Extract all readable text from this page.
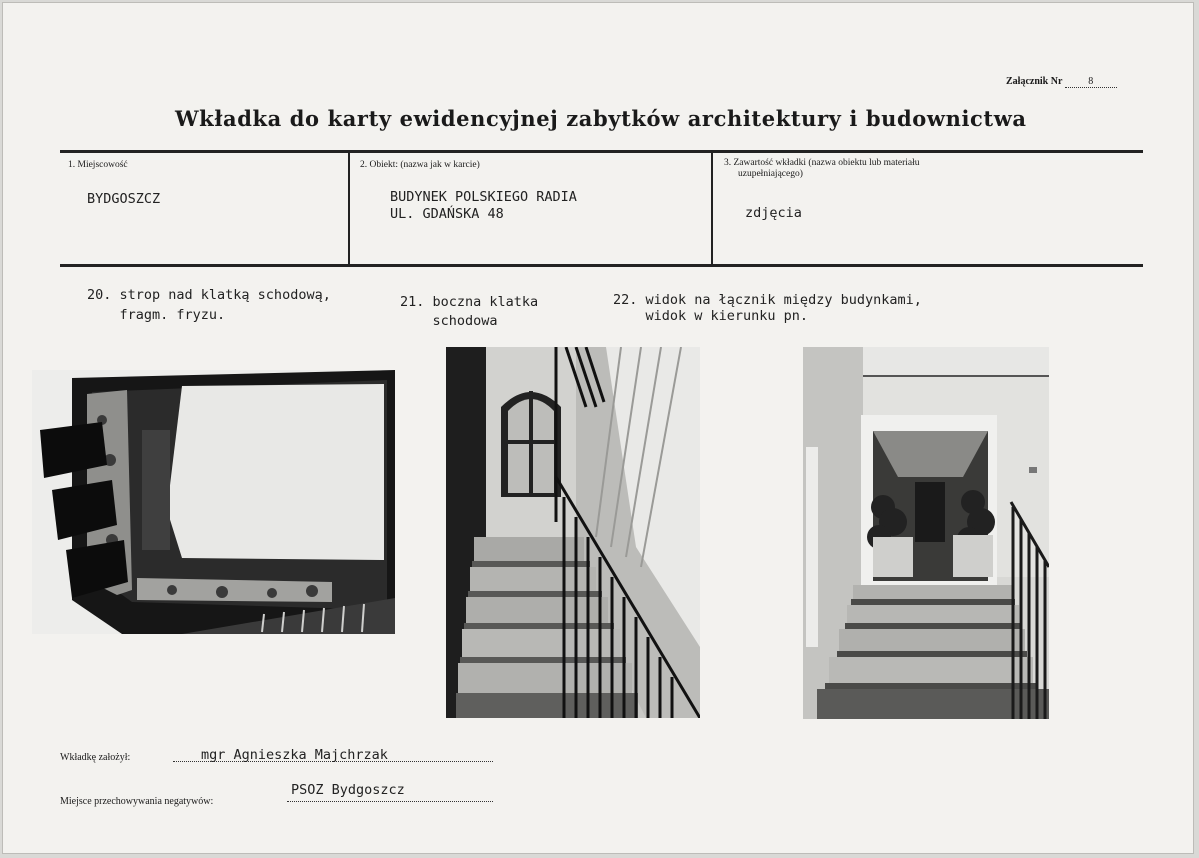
Załącznik Nr	8
Wkładka do karty ewidencyjnej zabytków architektury i budownictwa
1. Miejscowość
BYDGOSZCZ
2. Obiekt: (nazwa jak w karcie)
BUDYNEK POLSKIEGO RADIA
UL. GDAŃSKA 48
3. Zawartość wkładki (nazwa obiektu lub materiału
uzupełniającego)
zdjęcia
20. strop nad klatką schodową,
fragm. fryzu.
21. boczna klatka
schodowa
22. widok na łącznik między budynkami,
widok w kierunku pn.
Wkładkę założył:	mgr Agnieszka Majchrzak
Miejsce przechowywania negatywów:
PSOZ Bydgoszcz
